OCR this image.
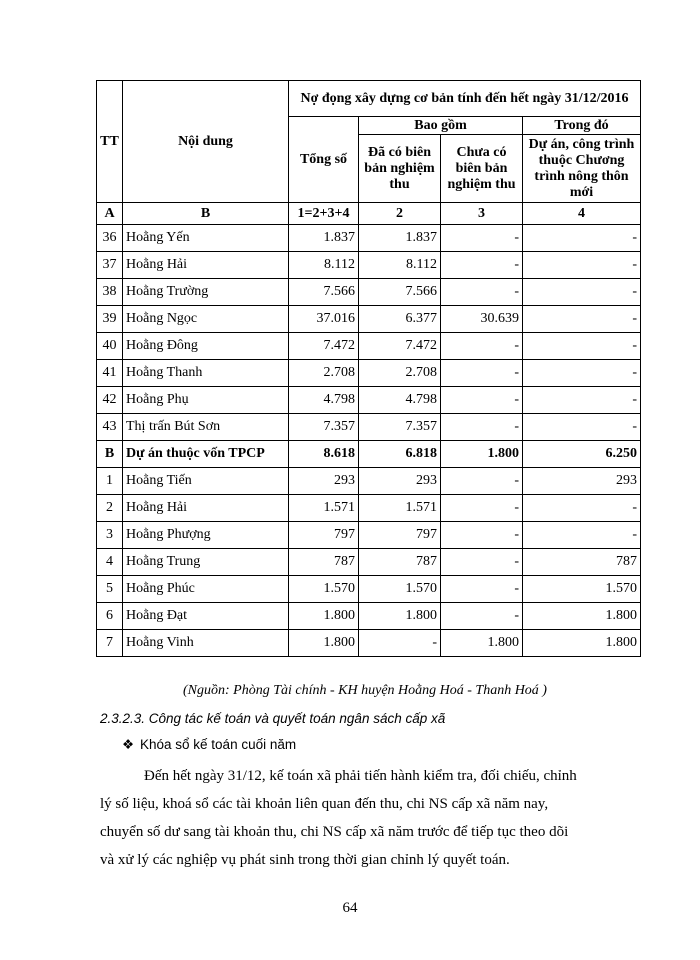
TT	Nội dung	Nợ đọng xây dựng cơ bản tính đến hết ngày 31/12/2016			
		Tổng số	Bao gồm		Trong đó
			Đã có biên bản nghiệm thu	Chưa có biên bản nghiệm thu	Dự án, công trình thuộc Chương trình nông thôn mới

A	B	1=2+3+4	2	3	4
36	Hoằng Yến	1.837	1.837	-	-
37	Hoằng Hải	8.112	8.112	-	-
38	Hoằng Trường	7.566	7.566	-	-
39	Hoằng Ngọc	37.016	6.377	30.639	-
40	Hoằng Đông	7.472	7.472	-	-
41	Hoằng Thanh	2.708	2.708	-	-
42	Hoằng Phụ	4.798	4.798	-	-
43	Thị trấn Bút Sơn	7.357	7.357	-	-
B	Dự án thuộc vốn TPCP	8.618	6.818	1.800	6.250
1	Hoằng Tiến	293	293	-	293
2	Hoằng Hải	1.571	1.571	-	-
3	Hoằng Phượng	797	797	-	-
4	Hoằng Trung	787	787	-	787
5	Hoằng Phúc	1.570	1.570	-	1.570
6	Hoằng Đạt	1.800	1.800	-	1.800
7	Hoằng Vinh	1.800	-	1.800	1.800
(Nguồn: Phòng Tài chính - KH huyện Hoằng Hoá - Thanh Hoá )
2.3.2.3. Công tác kế toán và quyết toán ngân sách cấp xã
❖ Khóa sổ kế toán cuối năm
Đến hết ngày 31/12, kế toán xã phải tiến hành kiểm tra, đối chiếu, chỉnh
lý số liệu, khoá sổ các tài khoản liên quan đến thu, chi NS cấp xã năm nay,
chuyển số dư sang tài khoản thu, chi NS cấp xã năm trước để tiếp tục theo dõi
và xử lý các nghiệp vụ phát sinh trong thời gian chỉnh lý quyết toán.
64
